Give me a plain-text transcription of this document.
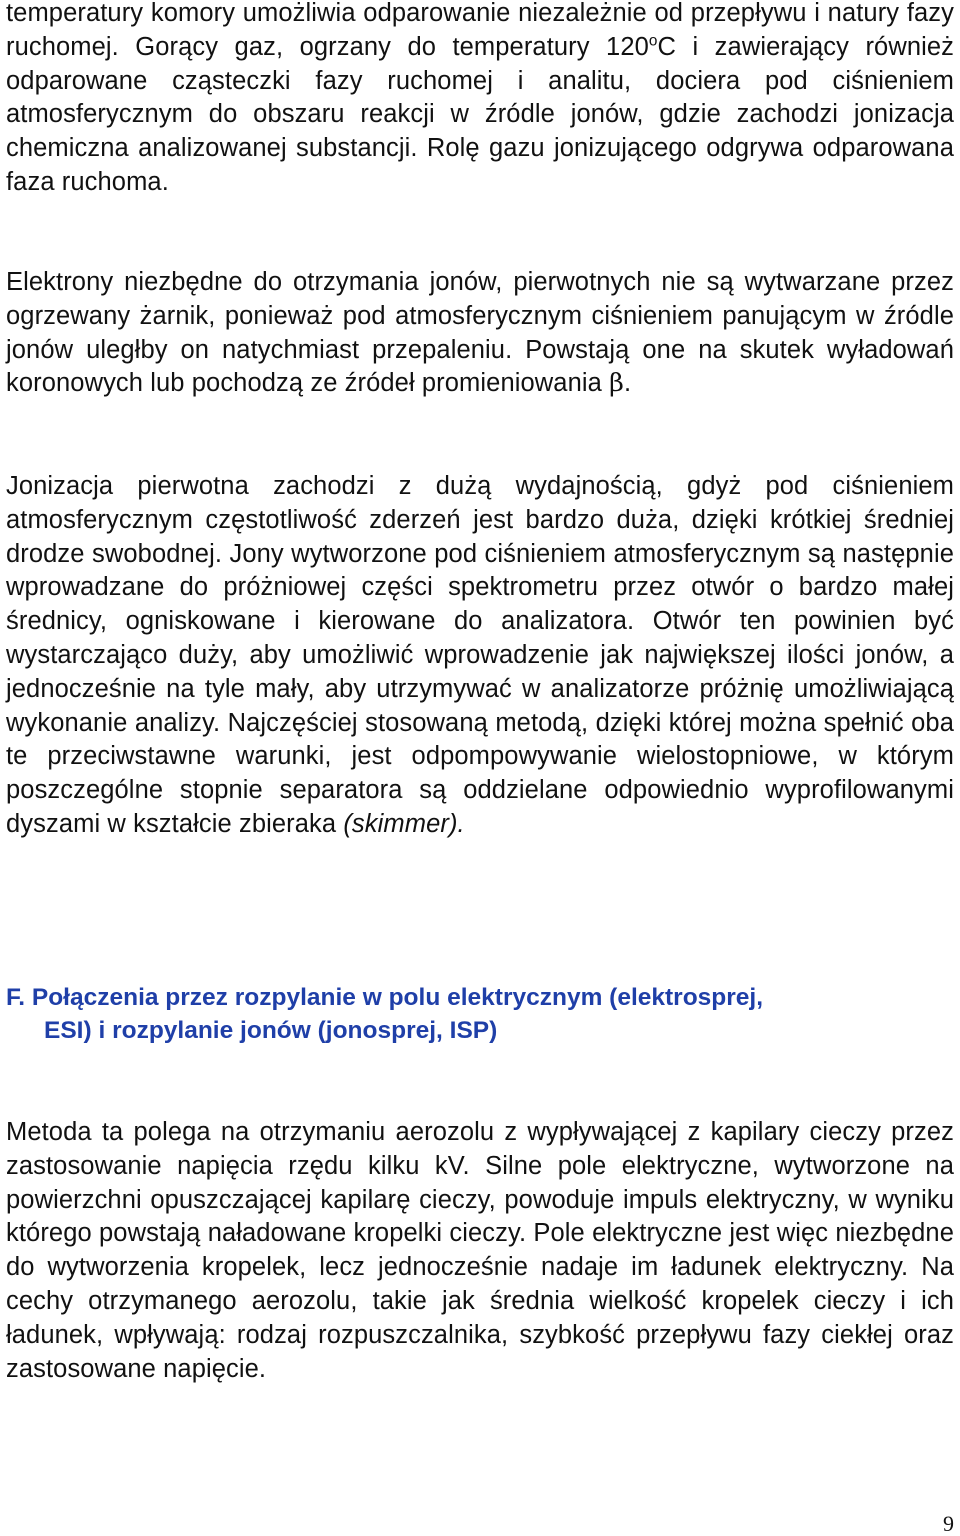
temperatury komory umożliwia odparowanie niezależnie od przepływu i natury fazy ruchomej. Gorący gaz, ogrzany do temperatury 120$^o$C i zawierający również odparowane cząsteczki fazy ruchomej i analitu, dociera pod ciśnieniem atmosferycznym do obszaru reakcji w źródle jonów, gdzie zachodzi jonizacja chemiczna analizowanej substancji. Rolę gazu jonizującego odgrywa odparowana faza ruchoma.

Elektrony niezbędne do otrzymania jonów, pierwotnych nie są wytwarzane przez ogrzewany żarnik, ponieważ pod atmosferycznym ciśnieniem panującym w źródle jonów uległby on natychmiast przepaleniu. Powstają one na skutek wyładowań koronowych lub pochodzą ze źródeł promieniowania β.

Jonizacja pierwotna zachodzi z dużą wydajnością, gdyż pod ciśnieniem atmosferycznym częstotliwość zderzeń jest bardzo duża, dzięki krótkiej średniej drodze swobodnej. Jony wytworzone pod ciśnieniem atmosferycznym są następnie wprowadzane do próżniowej części spektrometru przez otwór o bardzo małej średnicy, ogniskowane i kierowane do analizatora. Otwór ten powinien być wystarczająco duży, aby umożliwić wprowadzenie jak największej ilości jonów, a jednocześnie na tyle mały, aby utrzymywać w analizatorze próżnię umożliwiającą wykonanie analizy. Najczęściej stosowaną metodą, dzięki której można spełnić oba te przeciwstawne warunki, jest odpompowywanie wielostopniowe, w którym poszczególne stopnie separatora są oddzielane odpowiednio wyprofilowanymi dyszami w kształcie zbieraka (skimmer).

F. Połączenia przez rozpylanie w polu elektrycznym (elektrosprej,
ESI) i rozpylanie jonów (jonosprej, ISP)

Metoda ta polega na otrzymaniu aerozolu z wypływającej z kapilary cieczy przez zastosowanie napięcia rzędu kilku kV. Silne pole elektryczne, wytworzone na powierzchni opuszczającej kapilarę cieczy, powoduje impuls elektryczny, w wyniku którego powstają naładowane kropelki cieczy. Pole elektryczne jest więc niezbędne do wytworzenia kropelek, lecz jednocześnie nadaje im ładunek elektryczny. Na cechy otrzymanego aerozolu, takie jak średnia wielkość kropelek cieczy i ich ładunek, wpływają: rodzaj rozpuszczalnika, szybkość przepływu fazy ciekłej oraz zastosowane napięcie.

9
